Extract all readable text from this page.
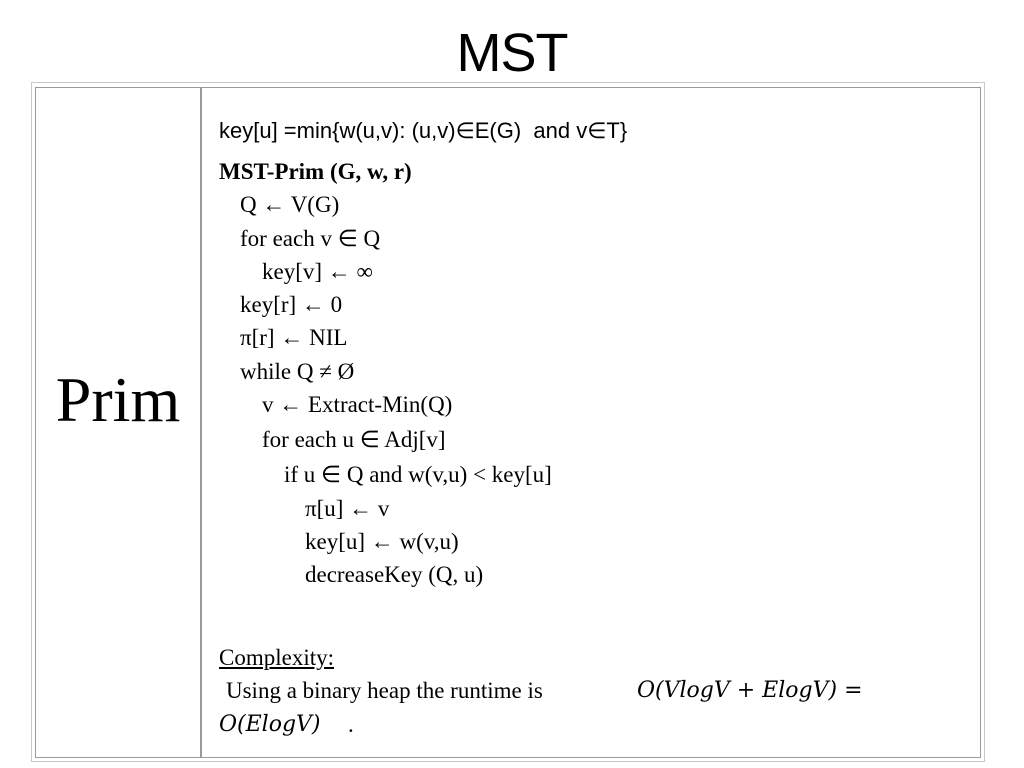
MST
Prim
key[u] =min{w(u,v): (u,v)∈E(G)  and v∈T}
MST-Prim (G, w, r)
Q ← V(G)
for each v ∈ Q
key[v] ← ∞
key[r] ← 0
π[r] ← NIL
while Q ≠ Ø
v ← Extract-Min(Q)
for each u ∈ Adj[v]
if u ∈ Q and w(v,u) < key[u]
π[u] ← v
key[u] ← w(v,u)
decreaseKey (Q, u)
Complexity:
Using a binary heap the runtime is	O(VlogV + ElogV) =
O(ElogV) .
